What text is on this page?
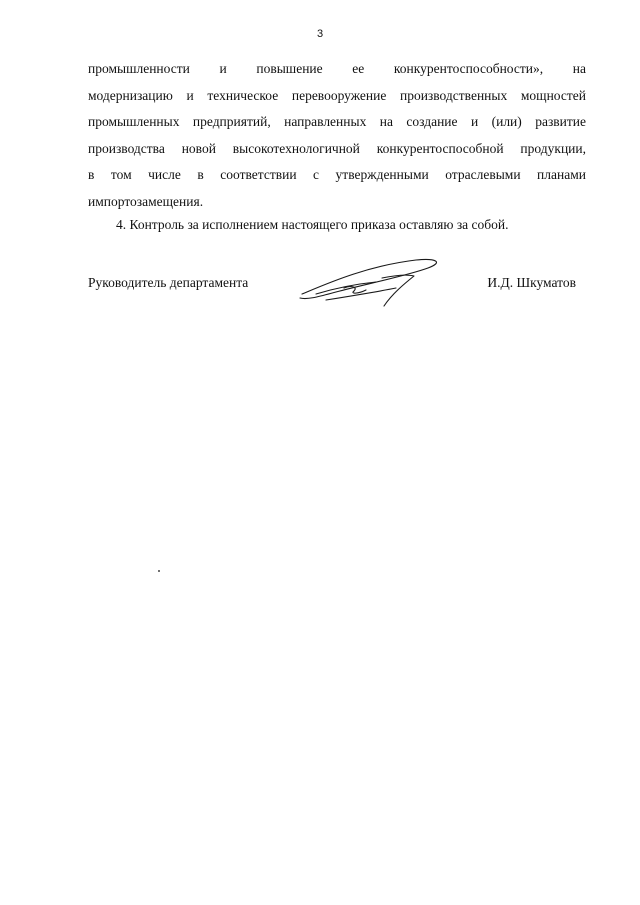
3
промышленности и повышение ее конкурентоспособности», на
модернизацию и техническое перевооружение производственных мощностей
промышленных предприятий, направленных на создание и (или) развитие
производства новой высокотехнологичной конкурентоспособной продукции,
в том числе в соответствии с утвержденными отраслевыми планами
импортозамещения.
4. Контроль за исполнением настоящего приказа оставляю за собой.
Руководитель департамента	И.Д. Шкуматов
